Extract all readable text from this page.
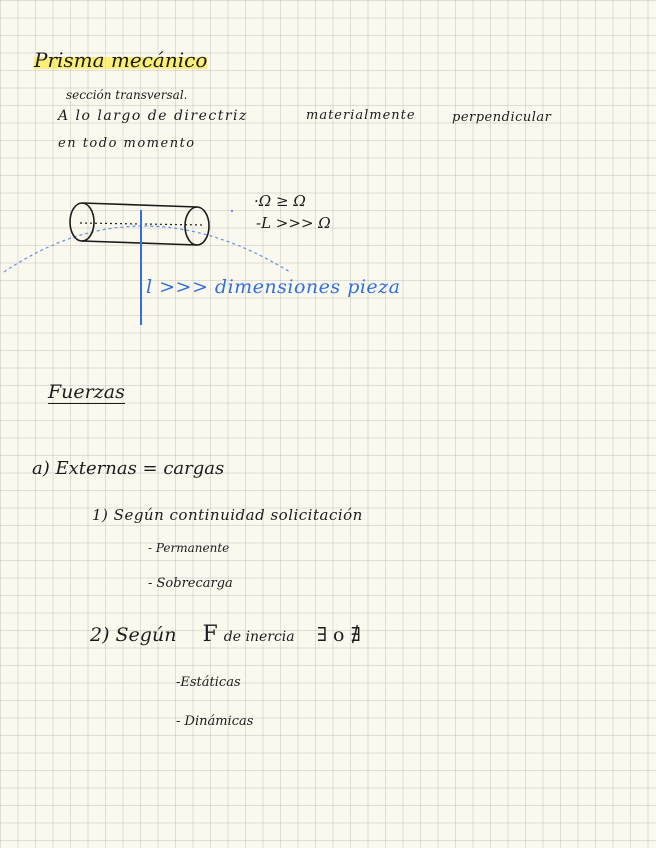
Prisma mecánico
sección transversal.
A lo largo de directriz	materialmente	perpendicular
en todo momento
·Ω ≥ Ω
-L >>> Ω
l >>> dimensiones pieza
Fuerzas
a) Externas = cargas
1) Según continuidad solicitación
- Permanente
- Sobrecarga
2) Según F de inercia ∃ o ∄
-Estáticas
- Dinámicas
